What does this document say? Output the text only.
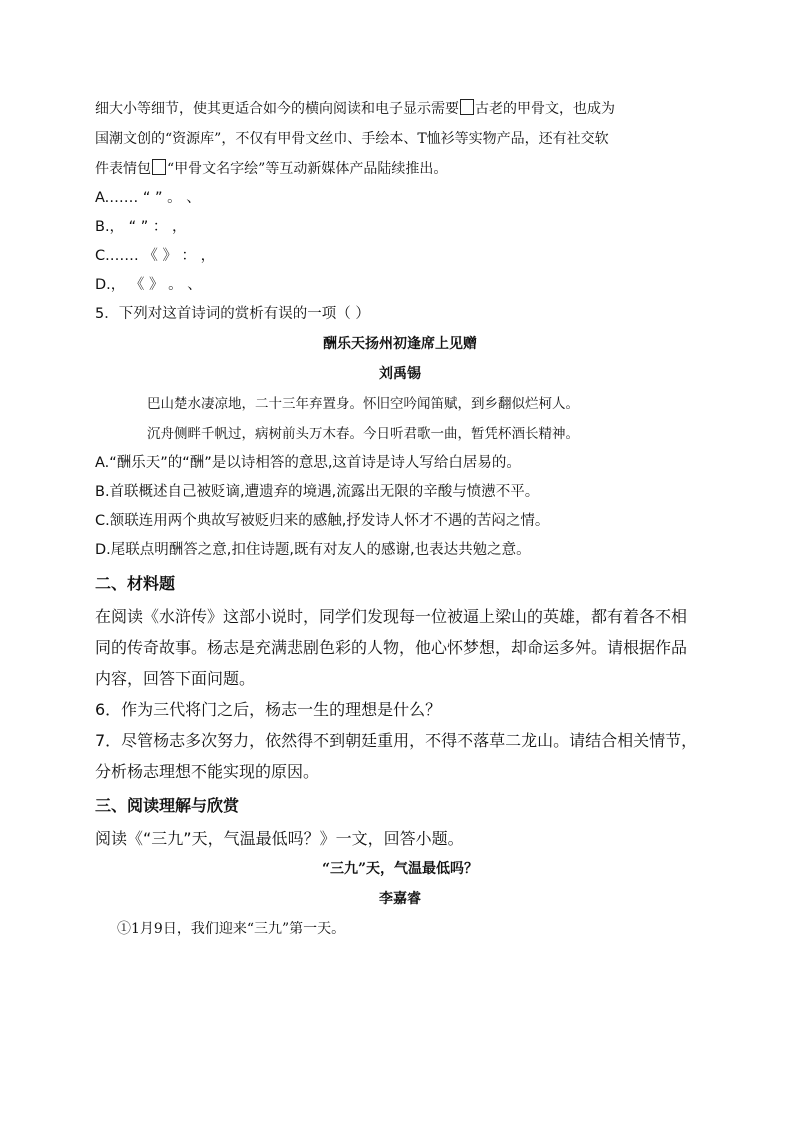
细大小等细节，使其更适合如今的横向阅读和电子显示需要 古老的甲骨文，也成为

国潮文创的“资源库”，不仅有甲骨文丝巾、手绘本、T恤衫等实物产品，还有社交软

件表情包 “甲骨文名字绘”等互动新媒体产品陆续推出。

A.…… “ ” 。 、

B.， “ ” ： ，

C.…… 《 》 ： ，

D.， 《 》 。 、

5．下列对这首诗词的赏析有误的一项（ ）

酬乐天扬州初逢席上见赠

刘禹锡

巴山楚水凄凉地，二十三年弃置身。怀旧空吟闻笛赋，到乡翻似烂柯人。

沉舟侧畔千帆过，病树前头万木春。今日听君歌一曲，暂凭杯酒长精神。

A.“酬乐天”的“酬”是以诗相答的意思,这首诗是诗人写给白居易的。

B.首联概述自己被贬谪,遭遗弃的境遇,流露出无限的辛酸与愤懑不平。

C.颔联连用两个典故写被贬归来的感触,抒发诗人怀才不遇的苦闷之情。

D.尾联点明酬答之意,扣住诗题,既有对友人的感谢,也表达共勉之意。

二、材料题

在阅读《水浒传》这部小说时，同学们发现每一位被逼上梁山的英雄，都有着各不相

同的传奇故事。杨志是充满悲剧色彩的人物，他心怀梦想，却命运多舛。请根据作品

内容，回答下面问题。

6．作为三代将门之后，杨志一生的理想是什么？

7．尽管杨志多次努力，依然得不到朝廷重用，不得不落草二龙山。请结合相关情节，

分析杨志理想不能实现的原因。

三、阅读理解与欣赏

阅读《“三九”天，气温最低吗？》一文，回答小题。

“三九”天，气温最低吗？

李嘉睿

①1月9日，我们迎来“三九”第一天。
